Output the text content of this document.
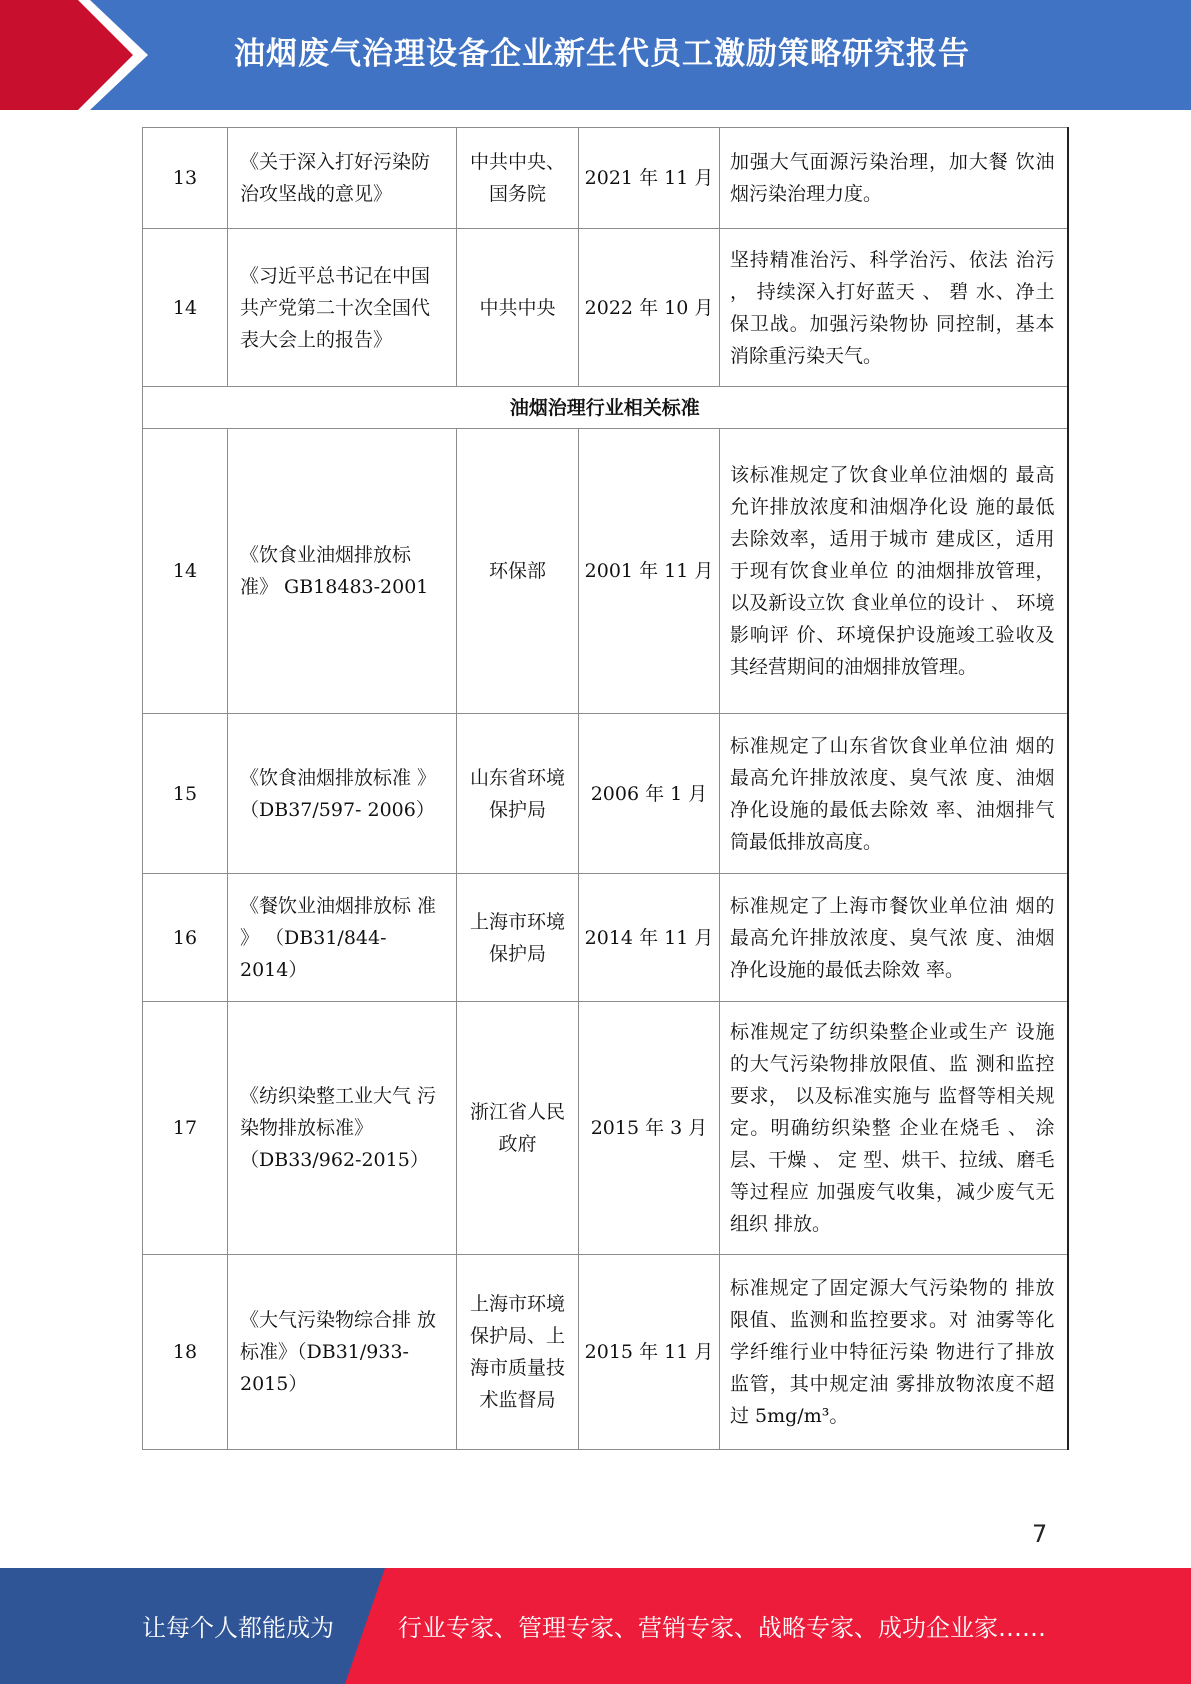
油烟废气治理设备企业新生代员工激励策略研究报告
13	《关于深入打好污染防治攻坚战的意见》	中共中央、国务院	2021 年 11 月	加强大气面源污染治理，加大餐 饮油烟污染治理力度。
14	《习近平总书记在中国共产党第二十次全国代表大会上的报告》	中共中央	2022 年 10 月	坚持精准治污、科学治污、依法 治污 ， 持续深入打好蓝天 、 碧 水、净土保卫战。加强污染物协 同控制，基本消除重污染天气。
油烟治理行业相关标准				
14	《饮食业油烟排放标 准》 GB18483-2001	环保部	2001 年 11 月	该标准规定了饮食业单位油烟的 最高允许排放浓度和油烟净化设 施的最低去除效率，适用于城市 建成区，适用于现有饮食业单位 的油烟排放管理， 以及新设立饮 食业单位的设计 、 环境影响评 价、环境保护设施竣工验收及其经营期间的油烟排放管理。
15	《饮食油烟排放标准 》 （DB37/597- 2006）	山东省环境保护局	2006 年 1 月	标准规定了山东省饮食业单位油 烟的最高允许排放浓度、臭气浓 度、油烟净化设施的最低去除效 率、油烟排气筒最低排放高度。
16	《餐饮业油烟排放标 准 》 （DB31/844- 2014）	上海市环境保护局	2014 年 11 月	标准规定了上海市餐饮业单位油 烟的最高允许排放浓度、臭气浓 度、油烟净化设施的最低去除效 率。
17	《纺织染整工业大气 污染物排放标准》（DB33/962-2015）	浙江省人民政府	2015 年 3 月	标准规定了纺织染整企业或生产 设施的大气污染物排放限值、监 测和监控要求， 以及标准实施与 监督等相关规定。明确纺织染整 企业在烧毛 、 涂层、干燥 、 定 型、烘干、拉绒、磨毛等过程应 加强废气收集，减少废气无组织 排放。
18	《大气污染物综合排 放标准》（DB31/933- 2015）	上海市环境保护局、上海市质量技术监督局	2015 年 11 月	标准规定了固定源大气污染物的 排放限值、监测和监控要求。对 油雾等化学纤维行业中特征污染 物进行了排放监管，其中规定油 雾排放物浓度不超过 5mg/m³。
7
让每个人都能成为	行业专家、管理专家、营销专家、战略专家、成功企业家……
